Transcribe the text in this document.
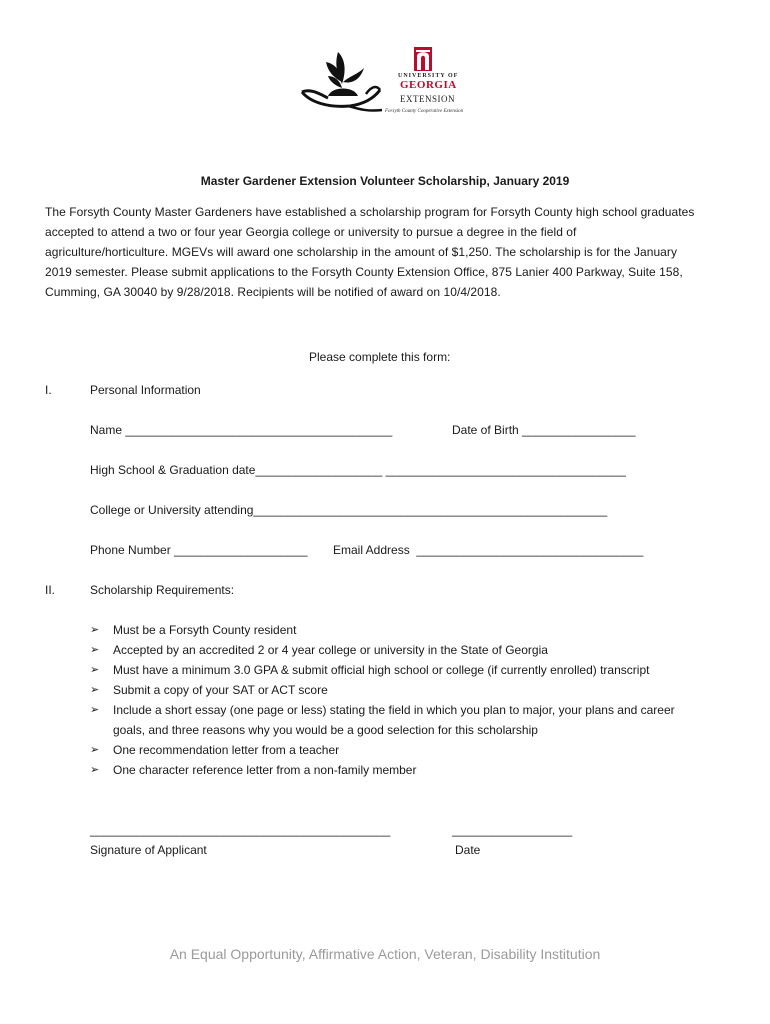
UNIVERSITY OF
GEORGIA
EXTENSION
Forsyth County Cooperative Extension
Master Gardener Extension Volunteer Scholarship, January 2019
The Forsyth County Master Gardeners have established a scholarship program for Forsyth County high school graduates
accepted to attend a two or four year Georgia college or university to pursue a degree in the field of
agriculture/horticulture. MGEVs will award one scholarship in the amount of $1,250. The scholarship is for the January
2019 semester. Please submit applications to the Forsyth County Extension Office, 875 Lanier 400 Parkway, Suite 158,
Cumming, GA 30040 by 9/28/2018. Recipients will be notified of award on 10/4/2018.
Please complete this form:
I.	Personal Information
Name ________________________________________	Date of Birth _________________
High School & Graduation date___________________ ____________________________________
College or University attending_____________________________________________________
Phone Number ____________________ Email Address  __________________________________
II.	Scholarship Requirements:
➢ Must be a Forsyth County resident
➢ Accepted by an accredited 2 or 4 year college or university in the State of Georgia
➢ Must have a minimum 3.0 GPA & submit official high school or college (if currently enrolled) transcript
➢ Submit a copy of your SAT or ACT score
➢ Include a short essay (one page or less) stating the field in which you plan to major, your plans and career
goals, and three reasons why you would be a good selection for this scholarship
➢ One recommendation letter from a teacher
➢ One character reference letter from a non-family member
_____________________________________________	__________________
Signature of Applicant	Date
An Equal Opportunity, Affirmative Action, Veteran, Disability Institution
